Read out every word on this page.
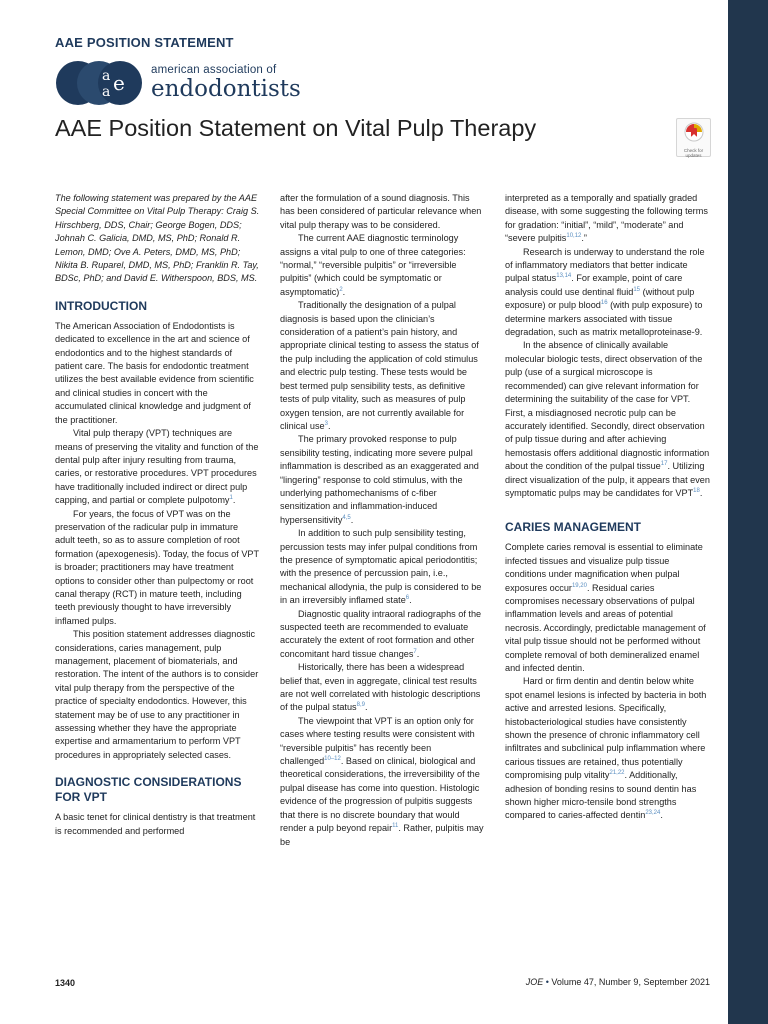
AAE POSITION STATEMENT
a
a e
american association of
endodontists
AAE Position Statement on Vital Pulp Therapy
Check for updates

The following statement was prepared by the AAE Special Committee on Vital Pulp Therapy: Craig S. Hirschberg, DDS, Chair; George Bogen, DDS; Johnah C. Galicia, DMD, MS, PhD; Ronald R. Lemon, DMD; Ove A. Peters, DMD, MS, PhD; Nikita B. Ruparel, DMD, MS, PhD; Franklin R. Tay, BDSc, PhD; and David E. Witherspoon, BDS, MS.

INTRODUCTION

The American Association of Endodontists is dedicated to excellence in the art and science of endodontics and to the highest standards of patient care. The basis for endodontic treatment utilizes the best available evidence from scientific and clinical studies in concert with the accumulated clinical knowledge and judgment of the practitioner.

Vital pulp therapy (VPT) techniques are means of preserving the vitality and function of the dental pulp after injury resulting from trauma, caries, or restorative procedures. VPT procedures have traditionally included indirect or direct pulp capping, and partial or complete pulpotomy$^1$.

For years, the focus of VPT was on the preservation of the radicular pulp in immature adult teeth, so as to assure completion of root formation (apexogenesis). Today, the focus of VPT is broader; practitioners may have treatment options to consider other than pulpectomy or root canal therapy (RCT) in mature teeth, including teeth previously thought to have irreversibly inflamed pulps.

This position statement addresses diagnostic considerations, caries management, pulp management, placement of biomaterials, and restoration. The intent of the authors is to consider vital pulp therapy from the perspective of the practice of specialty endodontics. However, this statement may be of use to any practitioner in assessing whether they have the appropriate expertise and armamentarium to perform VPT procedures in appropriately selected cases.

DIAGNOSTIC CONSIDERATIONS FOR VPT

A basic tenet for clinical dentistry is that treatment is recommended and performed

after the formulation of a sound diagnosis. This has been considered of particular relevance when vital pulp therapy was to be considered.

The current AAE diagnostic terminology assigns a vital pulp to one of three categories: “normal,” “reversible pulpitis” or “irreversible pulpitis” (which could be symptomatic or asymptomatic)$^2$.

Traditionally the designation of a pulpal diagnosis is based upon the clinician’s consideration of a patient’s pain history, and appropriate clinical testing to assess the status of the pulp including the application of cold stimulus and electric pulp testing. These tests would be best termed pulp sensibility tests, as definitive tests of pulp vitality, such as measures of pulp oxygen tension, are not currently available for clinical use$^3$.

The primary provoked response to pulp sensibility testing, indicating more severe pulpal inflammation is described as an exaggerated and “lingering” response to cold stimulus, with the underlying pathomechanisms of c-fiber sensitization and inflammation-induced hypersensitivity$^{4,5}$.

In addition to such pulp sensibility testing, percussion tests may infer pulpal conditions from the presence of symptomatic apical periodontitis; with the presence of percussion pain, i.e., mechanical allodynia, the pulp is considered to be in an irreversibly inflamed state$^6$.

Diagnostic quality intraoral radiographs of the suspected teeth are recommended to evaluate accurately the extent of root formation and other concomitant hard tissue changes$^7$.

Historically, there has been a widespread belief that, even in aggregate, clinical test results are not well correlated with histologic descriptions of the pulpal status$^{8,9}$.

The viewpoint that VPT is an option only for cases where testing results were consistent with “reversible pulpitis” has recently been challenged$^{10-12}$. Based on clinical, biological and theoretical considerations, the irreversibility of the pulpal disease has come into question. Histologic evidence of the progression of pulpitis suggests that there is no discrete boundary that would render a pulp beyond repair$^{11}$. Rather, pulpitis may be

interpreted as a temporally and spatially graded disease, with some suggesting the following terms for gradation: “initial”, “mild”, “moderate” and “severe pulpitis$^{10,12}$.”

Research is underway to understand the role of inflammatory mediators that better indicate pulpal status$^{13,14}$. For example, point of care analysis could use dentinal fluid$^{15}$ (without pulp exposure) or pulp blood$^{16}$ (with pulp exposure) to determine markers associated with tissue degradation, such as matrix metalloproteinase-9.

In the absence of clinically available molecular biologic tests, direct observation of the pulp (use of a surgical microscope is recommended) can give relevant information for determining the suitability of the case for VPT. First, a misdiagnosed necrotic pulp can be accurately identified. Secondly, direct observation of pulp tissue during and after achieving hemostasis offers additional diagnostic information about the condition of the pulpal tissue$^{17}$. Utilizing direct visualization of the pulp, it appears that even symptomatic pulps may be candidates for VPT$^{18}$.

CARIES MANAGEMENT

Complete caries removal is essential to eliminate infected tissues and visualize pulp tissue conditions under magnification when pulpal exposures occur$^{19,20}$. Residual caries compromises necessary observations of pulpal inflammation levels and areas of potential necrosis. Accordingly, predictable management of vital pulp tissue should not be performed without complete removal of both demineralized enamel and infected dentin.

Hard or firm dentin and dentin below white spot enamel lesions is infected by bacteria in both active and arrested lesions. Specifically, histobacteriological studies have consistently shown the presence of chronic inflammatory cell infiltrates and subclinical pulp inflammation where carious tissues are retained, thus potentially compromising pulp vitality$^{21,22}$. Additionally, adhesion of bonding resins to sound dentin has shown higher micro-tensile bond strengths compared to caries-affected dentin$^{23,24}$.

1340	JOE • Volume 47, Number 9, September 2021
